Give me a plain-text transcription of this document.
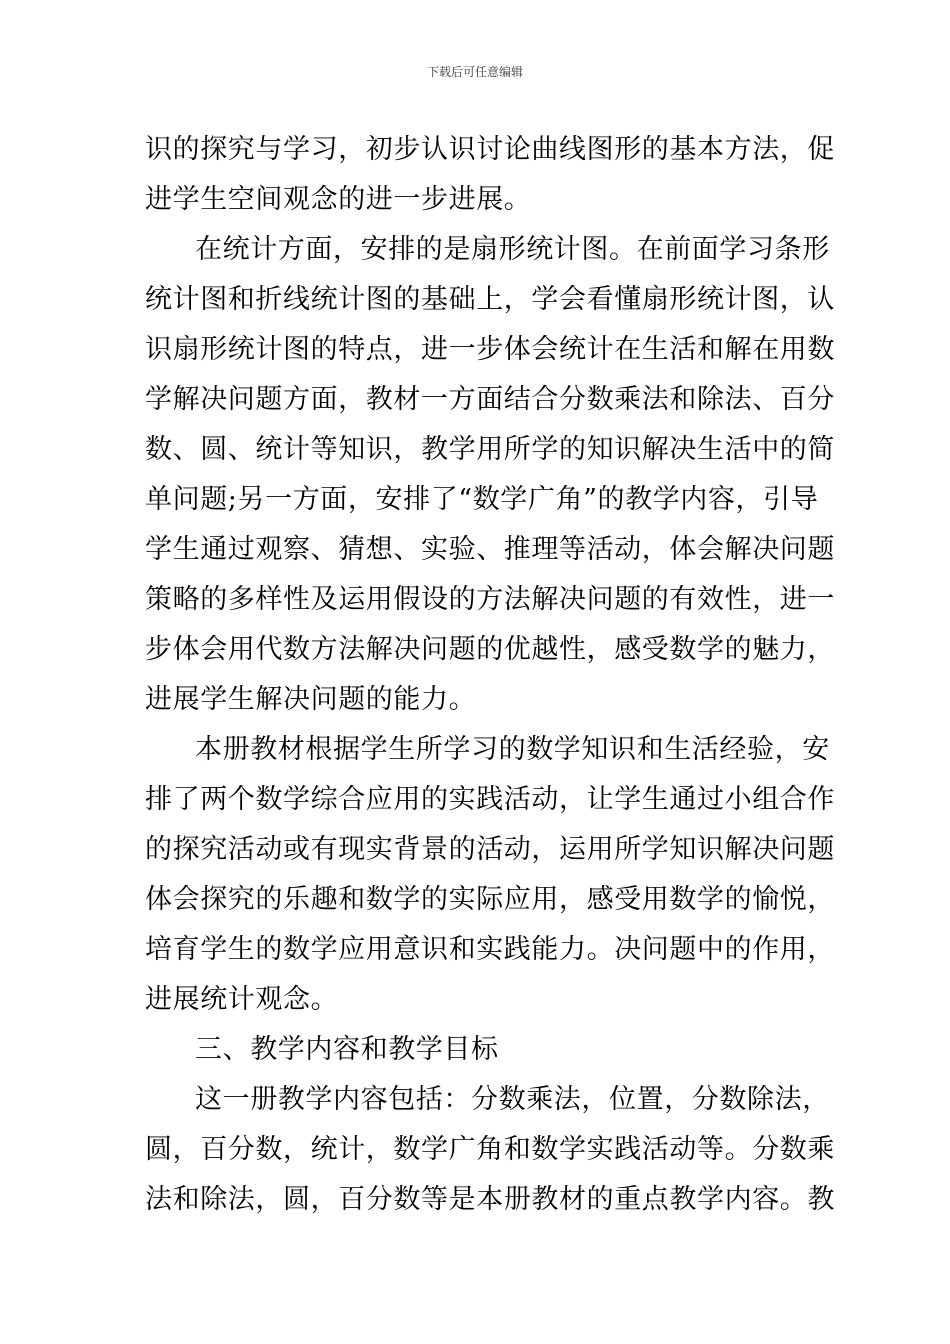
下载后可任意编辑
识的探究与学习，初步认识讨论曲线图形的基本方法，促
进学生空间观念的进一步进展。
在统计方面，安排的是扇形统计图。在前面学习条形
统计图和折线统计图的基础上，学会看懂扇形统计图，认
识扇形统计图的特点，进一步体会统计在生活和解在用数
学解决问题方面，教材一方面结合分数乘法和除法、百分
数、圆、统计等知识，教学用所学的知识解决生活中的简
单问题;另一方面，安排了“数学广角”的教学内容，引导
学生通过观察、猜想、实验、推理等活动，体会解决问题
策略的多样性及运用假设的方法解决问题的有效性，进一
步体会用代数方法解决问题的优越性，感受数学的魅力，
进展学生解决问题的能力。
本册教材根据学生所学习的数学知识和生活经验，安
排了两个数学综合应用的实践活动，让学生通过小组合作
的探究活动或有现实背景的活动，运用所学知识解决问题
体会探究的乐趣和数学的实际应用，感受用数学的愉悦，
培育学生的数学应用意识和实践能力。决问题中的作用，
进展统计观念。
三、教学内容和教学目标
这一册教学内容包括：分数乘法，位置，分数除法，
圆，百分数，统计，数学广角和数学实践活动等。分数乘
法和除法，圆，百分数等是本册教材的重点教学内容。教
